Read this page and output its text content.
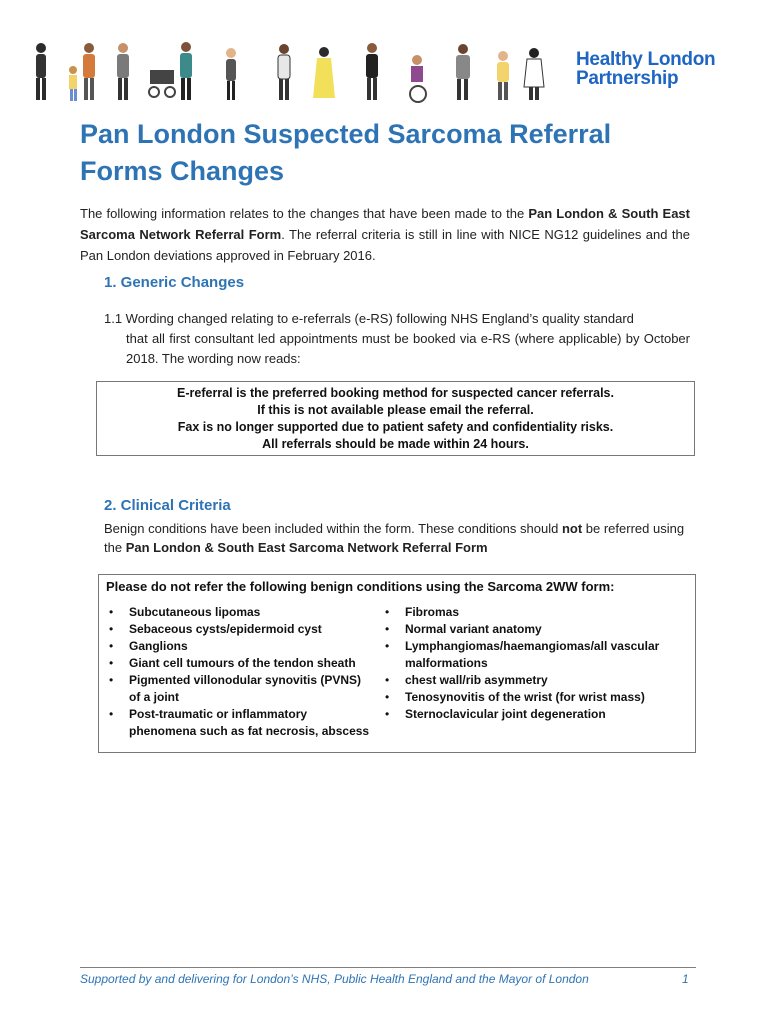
Healthy London
Partnership
Pan London Suspected Sarcoma Referral
Forms Changes
The following information relates to the changes that have been made to the Pan London & South East Sarcoma Network Referral Form. The referral criteria is still in line with NICE NG12 guidelines and the Pan London deviations approved in February 2016.
1. Generic Changes
1.1 Wording changed relating to e-referrals (e-RS) following NHS England’s quality standard
that all first consultant led appointments must be booked via e-RS (where applicable) by October 2018. The wording now reads:
E-referral is the preferred booking method for suspected cancer referrals.
If this is not available please email the referral.
Fax is no longer supported due to patient safety and confidentiality risks.
All referrals should be made within 24 hours.
2. Clinical Criteria
Benign conditions have been included within the form. These conditions should not be referred using the Pan London & South East Sarcoma Network Referral Form
Please do not refer the following benign conditions using the Sarcoma 2WW form:
• Subcutaneous lipomas
• Sebaceous cysts/epidermoid cyst
• Ganglions
• Giant cell tumours of the tendon sheath
• Pigmented villonodular synovitis (PVNS) of a joint
• Post-traumatic or inflammatory phenomena such as fat necrosis, abscess
• Fibromas
• Normal variant anatomy
• Lymphangiomas/haemangiomas/all vascular malformations
• chest wall/rib asymmetry
• Tenosynovitis of the wrist (for wrist mass)
• Sternoclavicular joint degeneration
Supported by and delivering for London’s NHS, Public Health England and the Mayor of London	1
